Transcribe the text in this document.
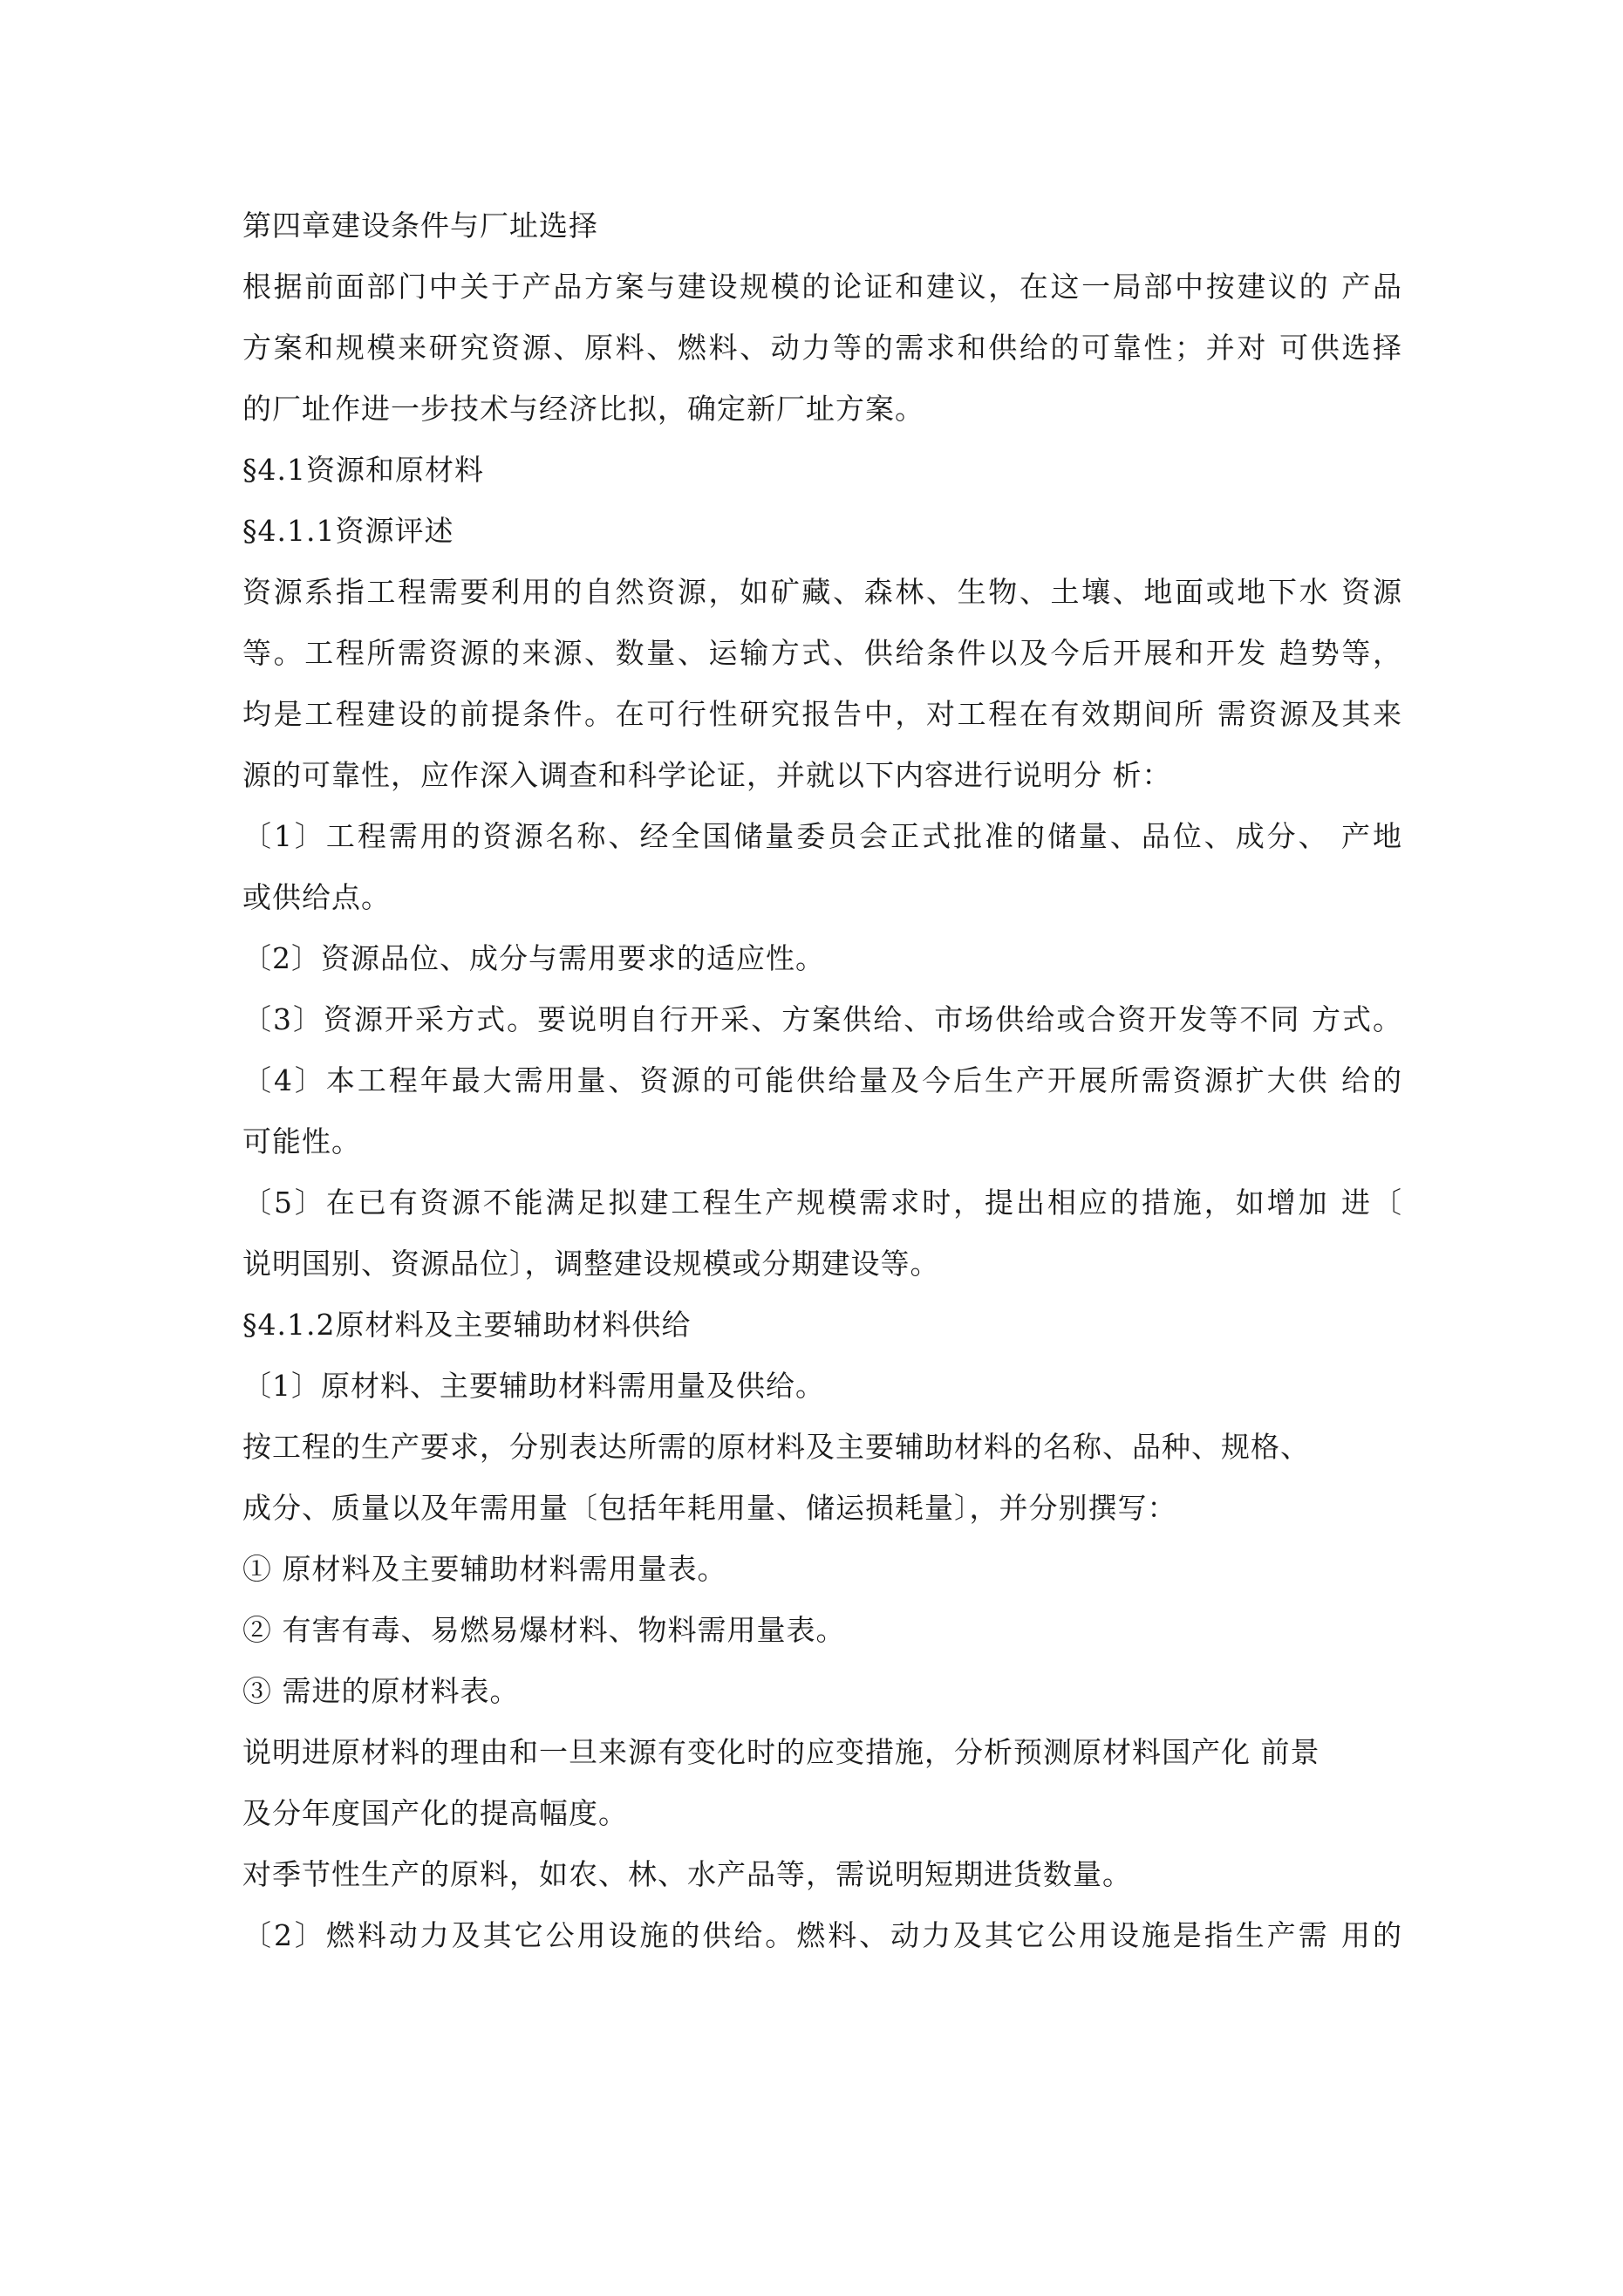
第四章建设条件与厂址选择
根据前面部门中关于产品方案与建设规模的论证和建议，在这一局部中按建议的 产品
方案和规模来研究资源、原料、燃料、动力等的需求和供给的可靠性；并对 可供选择
的厂址作进一步技术与经济比拟，确定新厂址方案。
§4.1资源和原材料
§4.1.1资源评述
资源系指工程需要利用的自然资源，如矿藏、森林、生物、土壤、地面或地下水 资源
等。工程所需资源的来源、数量、运输方式、供给条件以及今后开展和开发 趋势等，
均是工程建设的前提条件。在可行性研究报告中，对工程在有效期间所 需资源及其来
源的可靠性，应作深入调查和科学论证，并就以下内容进行说明分 析：
〔1〕工程需用的资源名称、经全国储量委员会正式批准的储量、品位、成分、 产地
或供给点。
〔2〕资源品位、成分与需用要求的适应性。
〔3〕资源开采方式。要说明自行开采、方案供给、市场供给或合资开发等不同 方式。
〔4〕本工程年最大需用量、资源的可能供给量及今后生产开展所需资源扩大供 给的
可能性。
〔5〕在已有资源不能满足拟建工程生产规模需求时，提出相应的措施，如增加 进〔
说明国别、资源品位〕，调整建设规模或分期建设等。
§4.1.2原材料及主要辅助材料供给
〔1〕原材料、主要辅助材料需用量及供给。
按工程的生产要求，分别表达所需的原材料及主要辅助材料的名称、品种、规格、
成分、质量以及年需用量〔包括年耗用量、储运损耗量〕，并分别撰写：
① 原材料及主要辅助材料需用量表。
② 有害有毒、易燃易爆材料、物料需用量表。
③ 需进的原材料表。
说明进原材料的理由和一旦来源有变化时的应变措施，分析预测原材料国产化 前景
及分年度国产化的提高幅度。
对季节性生产的原料，如农、林、水产品等，需说明短期进货数量。
〔2〕燃料动力及其它公用设施的供给。燃料、动力及其它公用设施是指生产需 用的
